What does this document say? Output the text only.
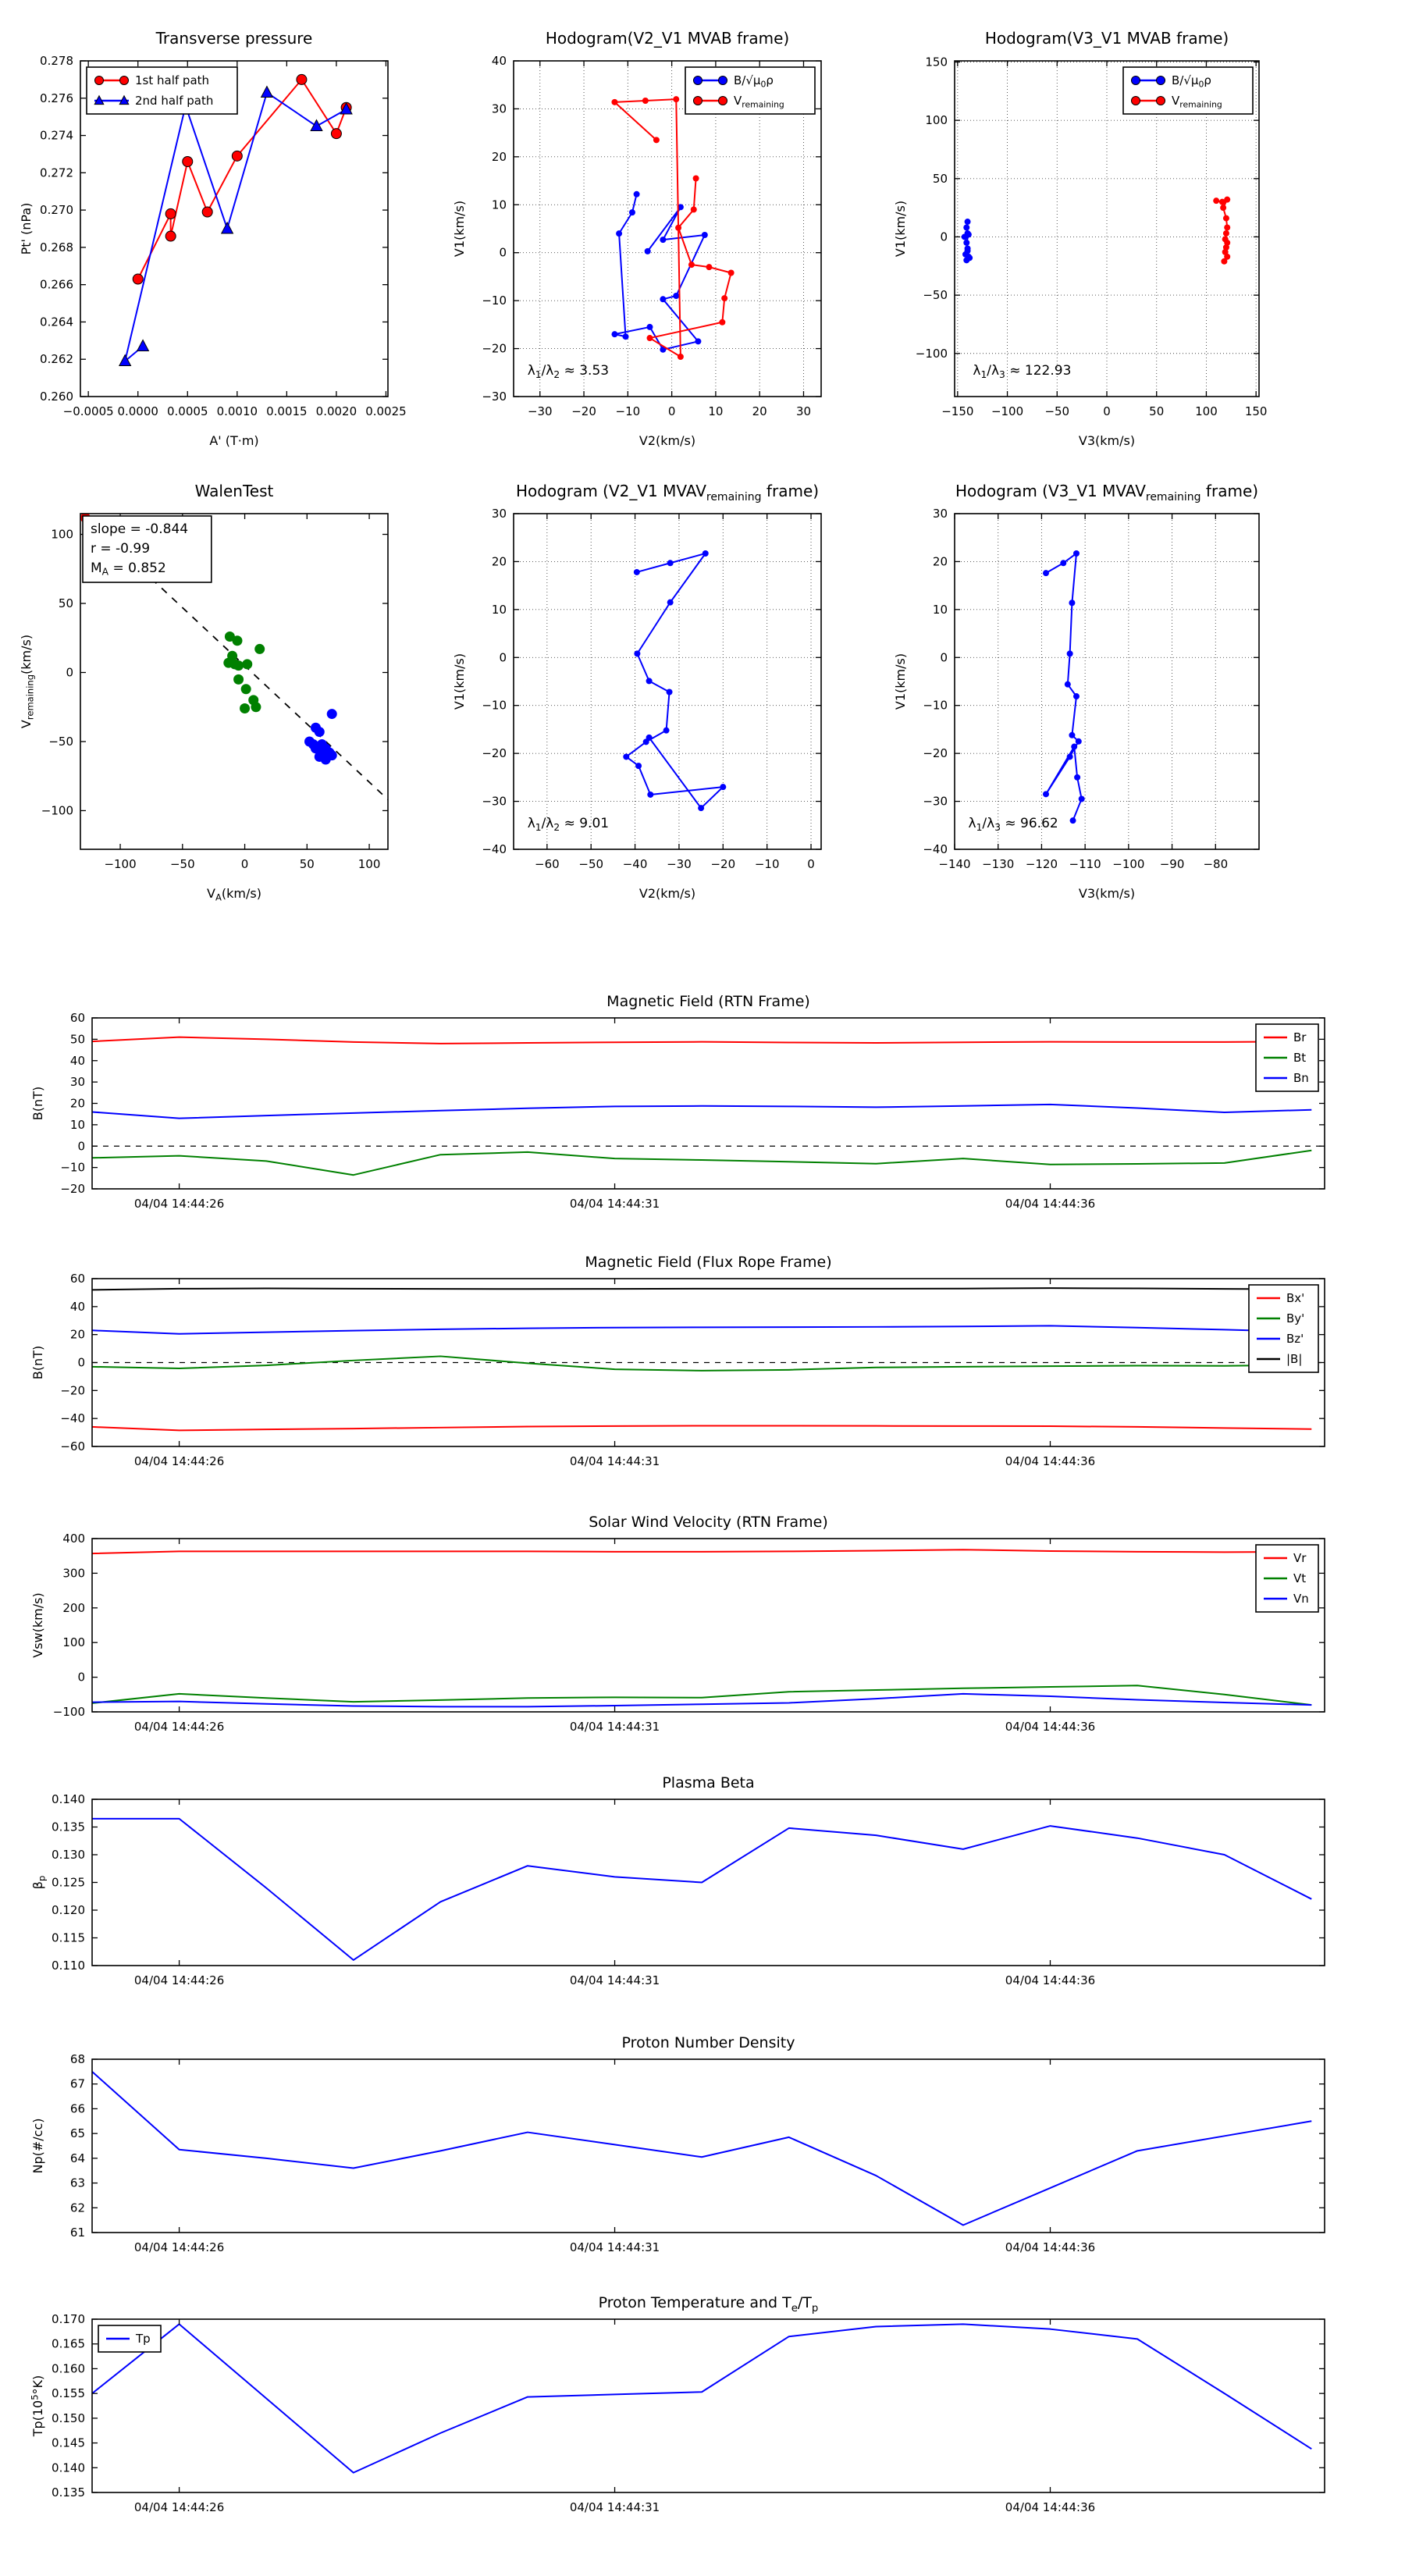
Transverse pressure
−0.0005 0.0000 0.0005 0.0010 0.0015 0.0020 0.0025
0.260
0.262
0.264
0.266
0.268
0.270
0.272
0.274
0.276
0.278
A' (T·m)
Pt' (nPa)
1st half path
2nd half path
Hodogram(V2_V1 MVAB frame)
−30 −20 −10 0	10 20 30
−30
−20
−10
0
10
20
30
40
V2(km/s)
V1(km/s)
$\lambda_1/\lambda_2 \approx 3.53$
$B/√\mu_0\rho$
$V_{remaining}$
Hodogram(V3_V1 MVAB frame)
−150 −100 −50	0	50	100 150
−100
−50
0
50
100
150
V3(km/s)
V1(km/s)
$\lambda_1/\lambda_3 \approx 122.93$
$B/√\mu_0\rho$
$V_{remaining}$
WalenTest
−100	−50	0	50	100
−100
−50
0
50
100
$V_A(km/s)$
$V_{remaining}(km/s)$
slope = -0.844
r = -0.99
$M_A = 0.852$
Hodogram (V2_V1 $MVAV_{remaining}$ frame)
−60 −50 −40 −30 −20 −10 0
−40
−30
−20
−10
0
10
20
30
V2(km/s)
V1(km/s)
$\lambda_1/\lambda_2 \approx 9.01$
Hodogram (V3_V1 $MVAV_{remaining}$ frame)
−140 −130 −120 −110 −100 −90 −80
−40
−30
−20
−10
0
10
20
30
V3(km/s)
V1(km/s)
$\lambda_1/\lambda_3 \approx 96.62$
Magnetic Field (RTN Frame)
04/04 14:44:26	04/04 14:44:31	04/04 14:44:36
−20
−10
0
10
20
30
40
50
60
B(nT)
Br
Bt
Bn
Magnetic Field (Flux Rope Frame)
04/04 14:44:26	04/04 14:44:31	04/04 14:44:36
−60
−40
−20
0
20
40
60
B(nT)
Bx'
By'
Bz'
|B|
Solar Wind Velocity (RTN Frame)
04/04 14:44:26	04/04 14:44:31	04/04 14:44:36
−100
0
100
200
300
400
Vsw(km/s)
Vr
Vt
Vn
Plasma Beta
04/04 14:44:26	04/04 14:44:31	04/04 14:44:36
0.110
0.115
0.120
0.125
0.130
0.135
0.140
$\beta_p$
Proton Number Density
04/04 14:44:26	04/04 14:44:31	04/04 14:44:36
61
62
63
64
65
66
67
68
Np(#/cc)
Proton Temperature and $T_e/T_p$
04/04 14:44:26	04/04 14:44:31	04/04 14:44:36
0.135
0.140
0.145
0.150
0.155
0.160
0.165
0.170
$Tp(10^5^\circ K)$
Tp
